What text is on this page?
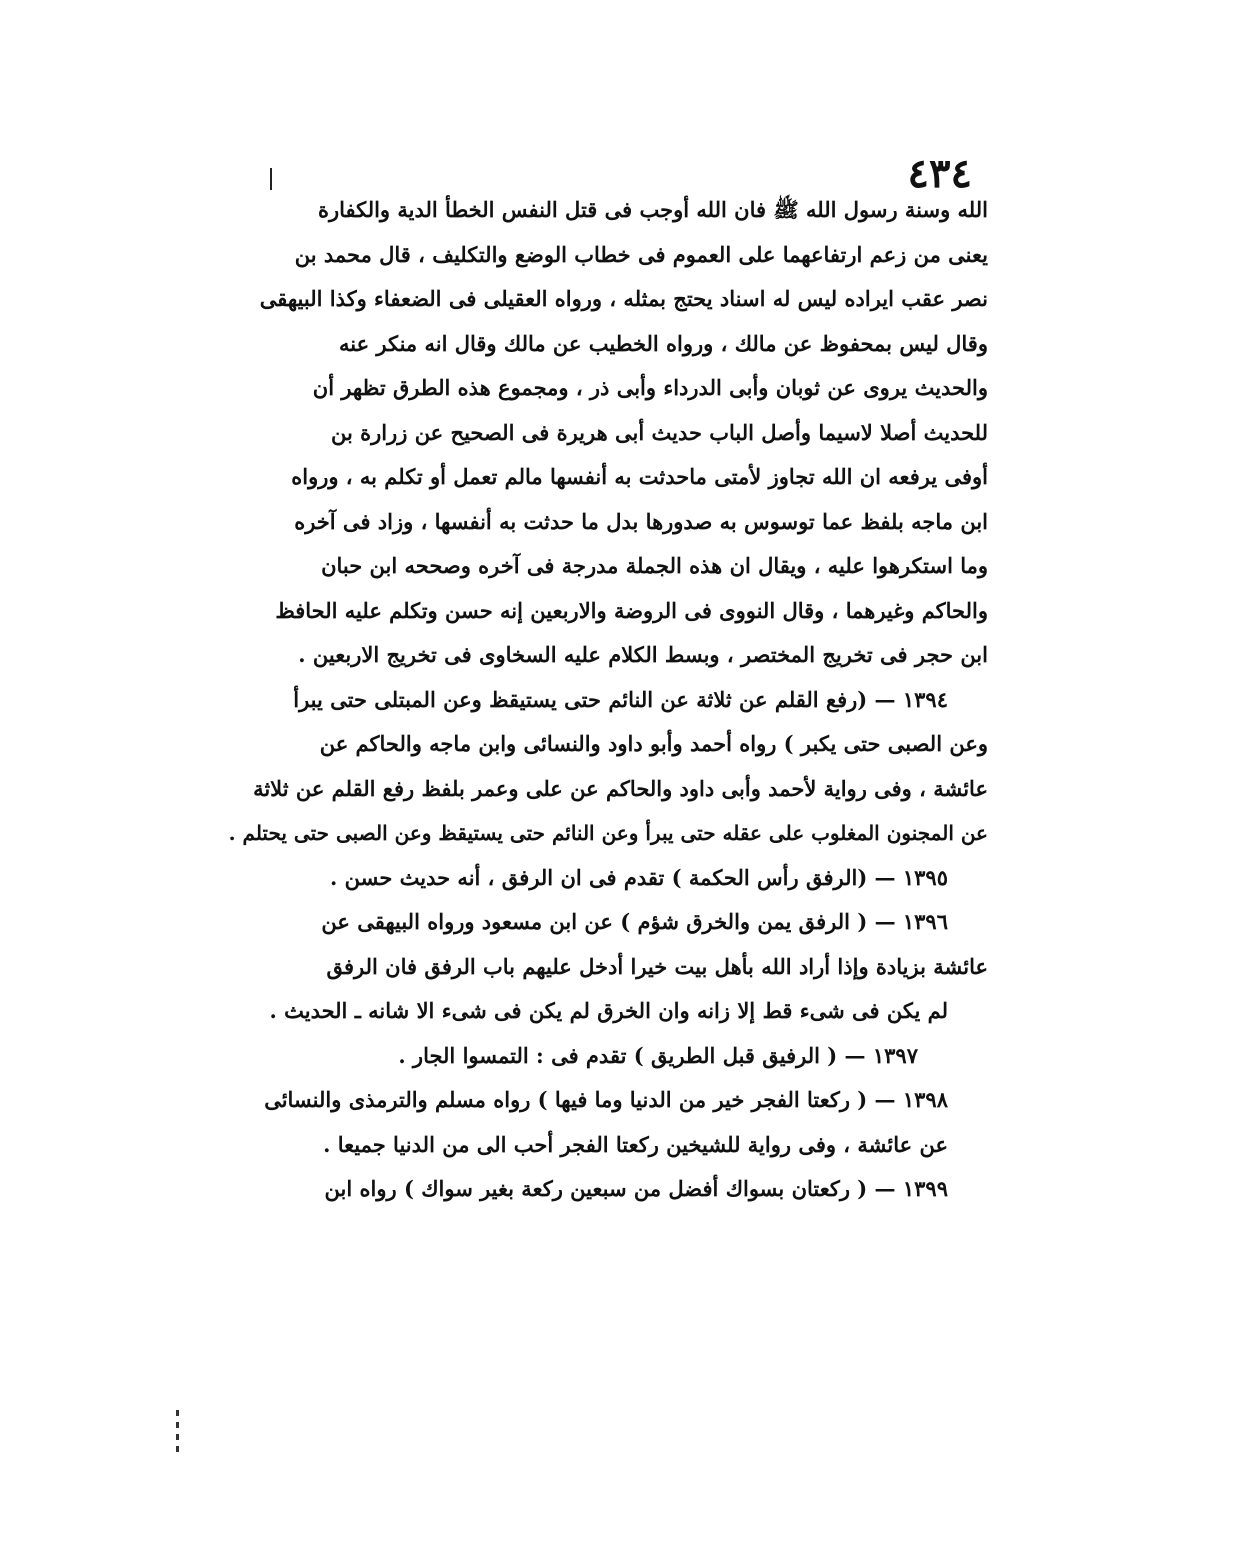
٤٣٤
الله وسنة رسول الله ﷺ فان الله أوجب فى قتل النفس الخطأ الدية والكفارة
يعنى من زعم ارتفاعهما على العموم فى خطاب الوضع والتكليف ، قال محمد بن
نصر عقب ايراده ليس له اسناد يحتج بمثله ، ورواه العقيلى فى الضعفاء وكذا البيهقى
وقال ليس بمحفوظ عن مالك ، ورواه الخطيب عن مالك وقال انه منكر عنه
والحديث يروى عن ثوبان وأبى الدرداء وأبى ذر ، ومجموع هذه الطرق تظهر أن
للحديث أصلا لاسيما وأصل الباب حديث أبى هريرة فى الصحيح عن زرارة بن
أوفى يرفعه ان الله تجاوز لأمتى ماحدثت به أنفسها مالم تعمل أو تكلم به ، ورواه
ابن ماجه بلفظ عما توسوس به صدورها بدل ما حدثت به أنفسها ، وزاد فى آخره
وما استكرهوا عليه ، ويقال ان هذه الجملة مدرجة فى آخره وصححه ابن حبان
والحاكم وغيرهما ، وقال النووى فى الروضة والاربعين إنه حسن وتكلم عليه الحافظ
ابن حجر فى تخريج المختصر ، وبسط الكلام عليه السخاوى فى تخريج الاربعين .
١٣٩٤ — (رفع القلم عن ثلاثة عن النائم حتى يستيقظ وعن المبتلى حتى يبرأ
وعن الصبى حتى يكبر ) رواه أحمد وأبو داود والنسائى وابن ماجه والحاكم عن
عائشة ، وفى رواية لأحمد وأبى داود والحاكم عن على وعمر بلفظ رفع القلم عن ثلاثة
عن المجنون المغلوب على عقله حتى يبرأ وعن النائم حتى يستيقظ وعن الصبى حتى يحتلم .
١٣٩٥ — (الرفق رأس الحكمة ) تقدم فى ان الرفق ، أنه حديث حسن .
١٣٩٦ — ( الرفق يمن والخرق شؤم ) عن ابن مسعود ورواه البيهقى عن
عائشة بزيادة وإذا أراد الله بأهل بيت خيرا أدخل عليهم باب الرفق فان الرفق
لم يكن فى شىء قط إلا زانه وان الخرق لم يكن فى شىء الا شانه ـ الحديث .
١٣٩٧ — ( الرفيق قبل الطريق ) تقدم فى : التمسوا الجار .
١٣٩٨ — ( ركعتا الفجر خير من الدنيا وما فيها ) رواه مسلم والترمذى والنسائى
عن عائشة ، وفى رواية للشيخين ركعتا الفجر أحب الى من الدنيا جميعا .
١٣٩٩ — ( ركعتان بسواك أفضل من سبعين ركعة بغير سواك ) رواه ابن
